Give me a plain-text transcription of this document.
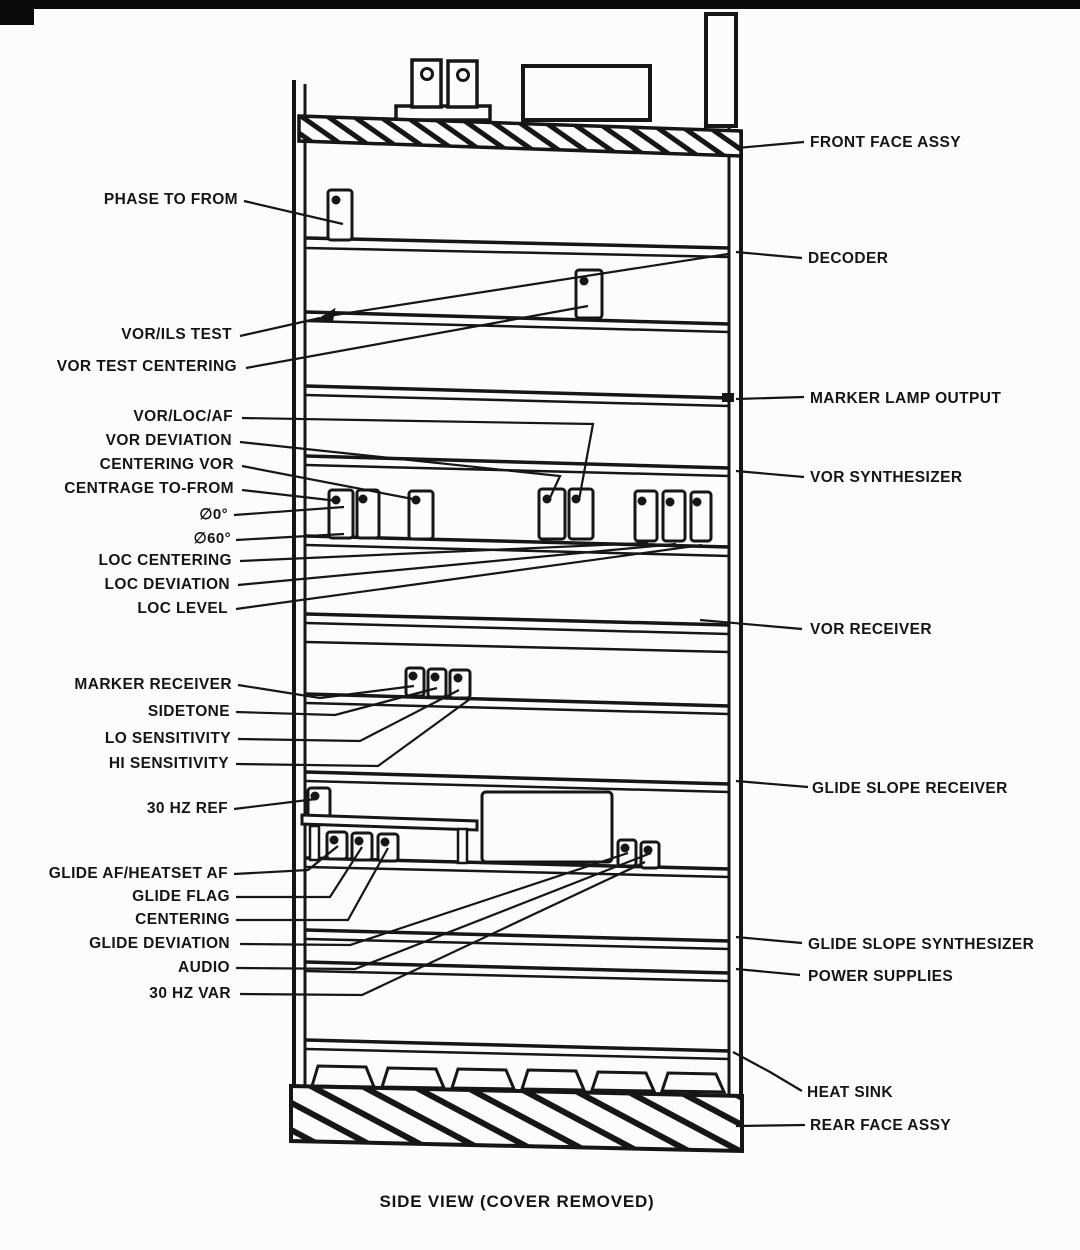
PHASE TO FROM
VOR/ILS TEST
VOR TEST CENTERING
VOR/LOC/AF
VOR DEVIATION
CENTERING VOR
CENTRAGE TO-FROM
∅0°
∅60°
LOC CENTERING
LOC DEVIATION
LOC LEVEL
MARKER RECEIVER
SIDETONE
LO SENSITIVITY
HI SENSITIVITY
30 HZ REF
GLIDE AF/HEATSET AF
GLIDE FLAG
CENTERING
GLIDE DEVIATION
AUDIO
30 HZ VAR
FRONT FACE ASSY
DECODER
MARKER LAMP OUTPUT
VOR SYNTHESIZER
VOR RECEIVER
GLIDE SLOPE RECEIVER
GLIDE SLOPE SYNTHESIZER
POWER SUPPLIES
HEAT SINK
REAR FACE ASSY
SIDE VIEW (COVER REMOVED)
